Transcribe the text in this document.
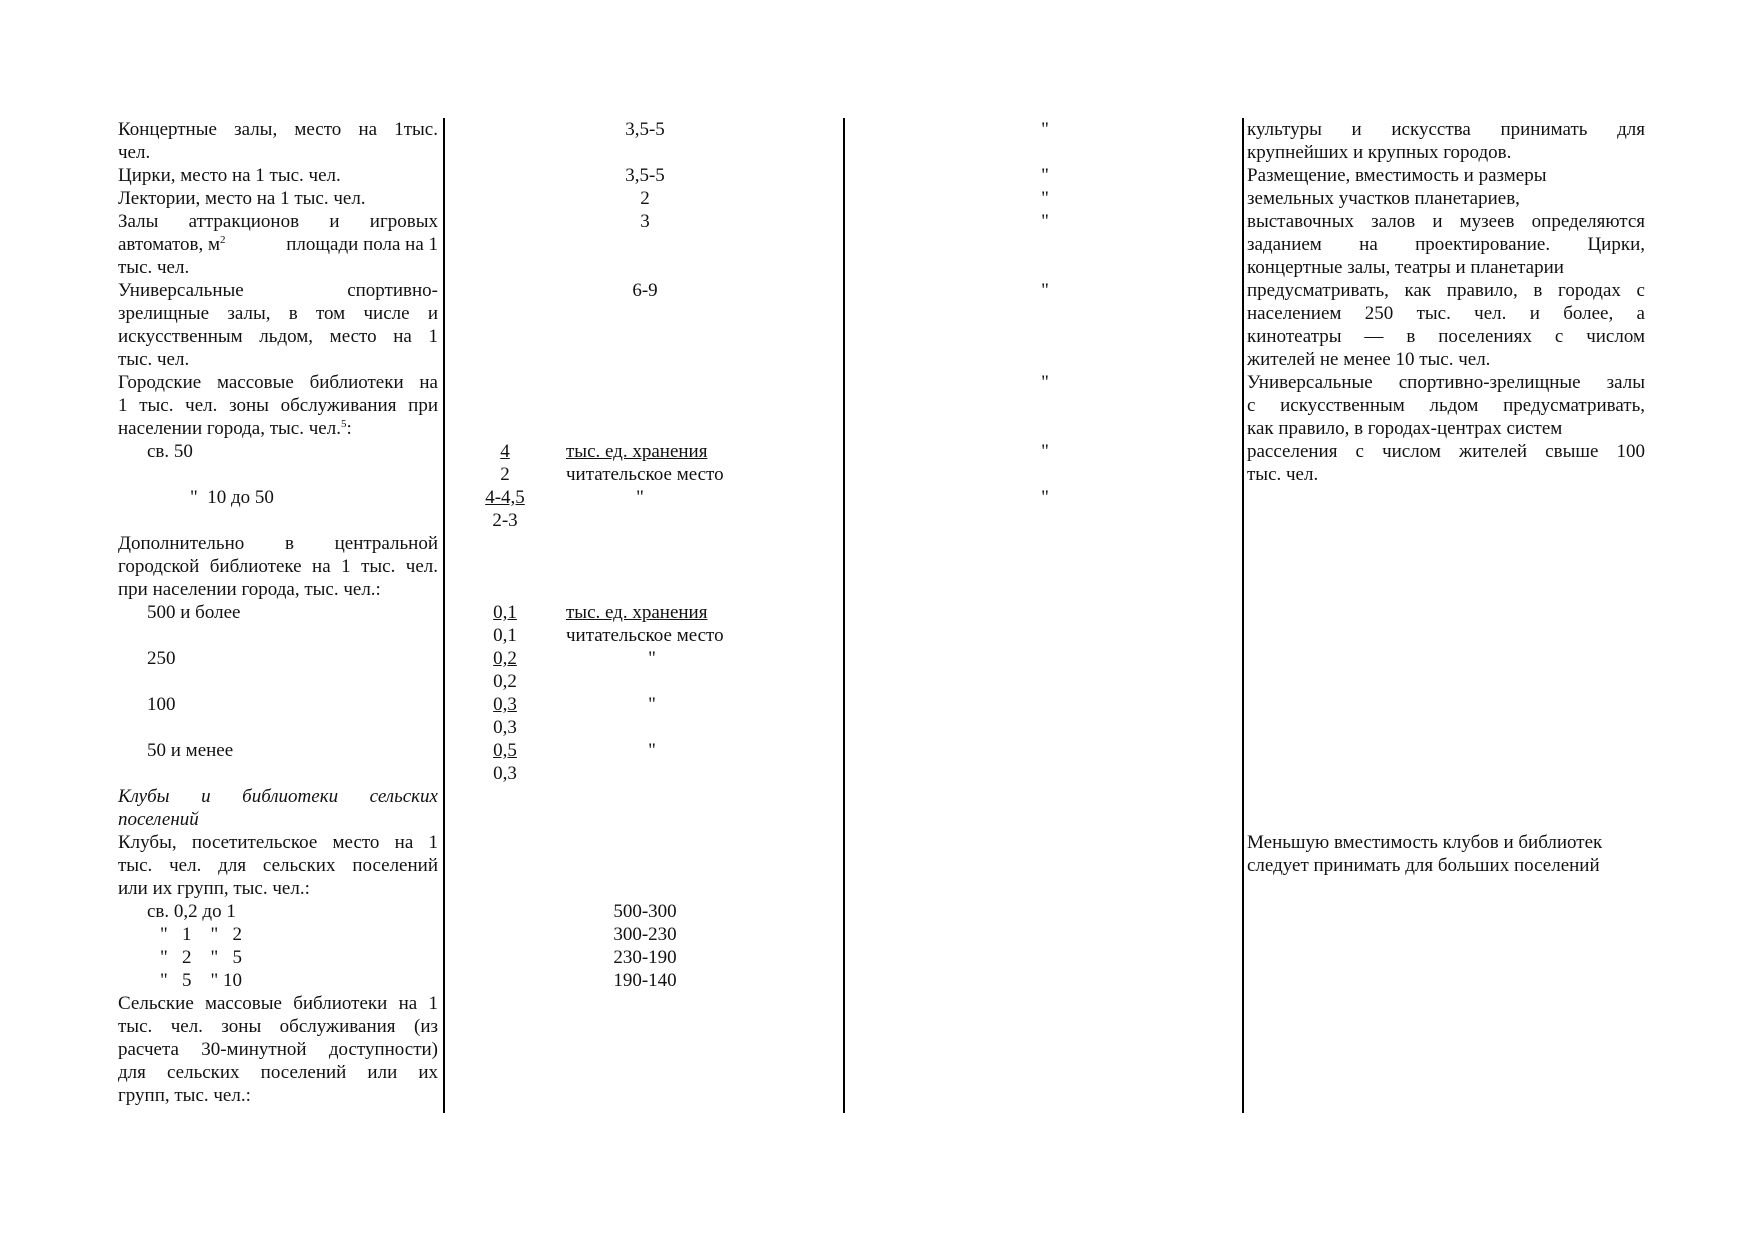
Концертные залы, место на 1тыс.
чел.
Цирки, место на 1 тыс. чел.
Лектории, место на 1 тыс. чел.
Залы аттракционов и игровых
автоматов, $м^2$	площади пола на 1
тыс. чел.
Универсальные спортивно-
зрелищные залы, в том числе и
искусственным льдом, место на 1
тыс. чел.
Городские массовые библиотеки на
1 тыс. чел. зоны обслуживания при
населении города, тыс. чел.$^5$:
св. 50
"  10 до 50
Дополнительно в центральной
городской библиотеке на 1 тыс. чел.
при населении города, тыс. чел.:
500 и более
250
100
50 и менее
Клубы и библиотеки сельских
поселений
Клубы, посетительское место на 1
тыс. чел. для сельских поселений
или их групп, тыс. чел.:
св. 0,2 до 1
"   1    "   2
"   2    "   5
"   5    " 10
Сельские массовые библиотеки на 1
тыс. чел. зоны обслуживания (из
расчета 30-минутной доступности)
для сельских поселений или их
групп, тыс. чел.:
3,5-5
3,5-5
2
3
6-9
4
2
тыс. ед. хранения
читательское место
4-4,5
2-3
"
0,1
0,1
тыс. ед. хранения
читательское место
0,2
0,2
"
0,3
0,3
"
0,5
0,3
"
500-300
300-230
230-190
190-140
"
"
"
"
"
"
"
"
культуры и искусства принимать для
крупнейших и крупных городов.
Размещение, вместимость и размеры
земельных участков планетариев,
выставочных залов и музеев определяются
заданием на проектирование. Цирки,
концертные залы, театры и планетарии
предусматривать, как правило, в городах с
населением 250 тыс. чел. и более, а
кинотеатры — в поселениях с числом
жителей не менее 10 тыс. чел.
Универсальные спортивно-зрелищные залы
с искусственным льдом предусматривать,
как правило, в городах-центрах систем
расселения с числом жителей свыше 100
тыс. чел.
Меньшую вместимость клубов и библиотек
следует принимать для больших поселений
